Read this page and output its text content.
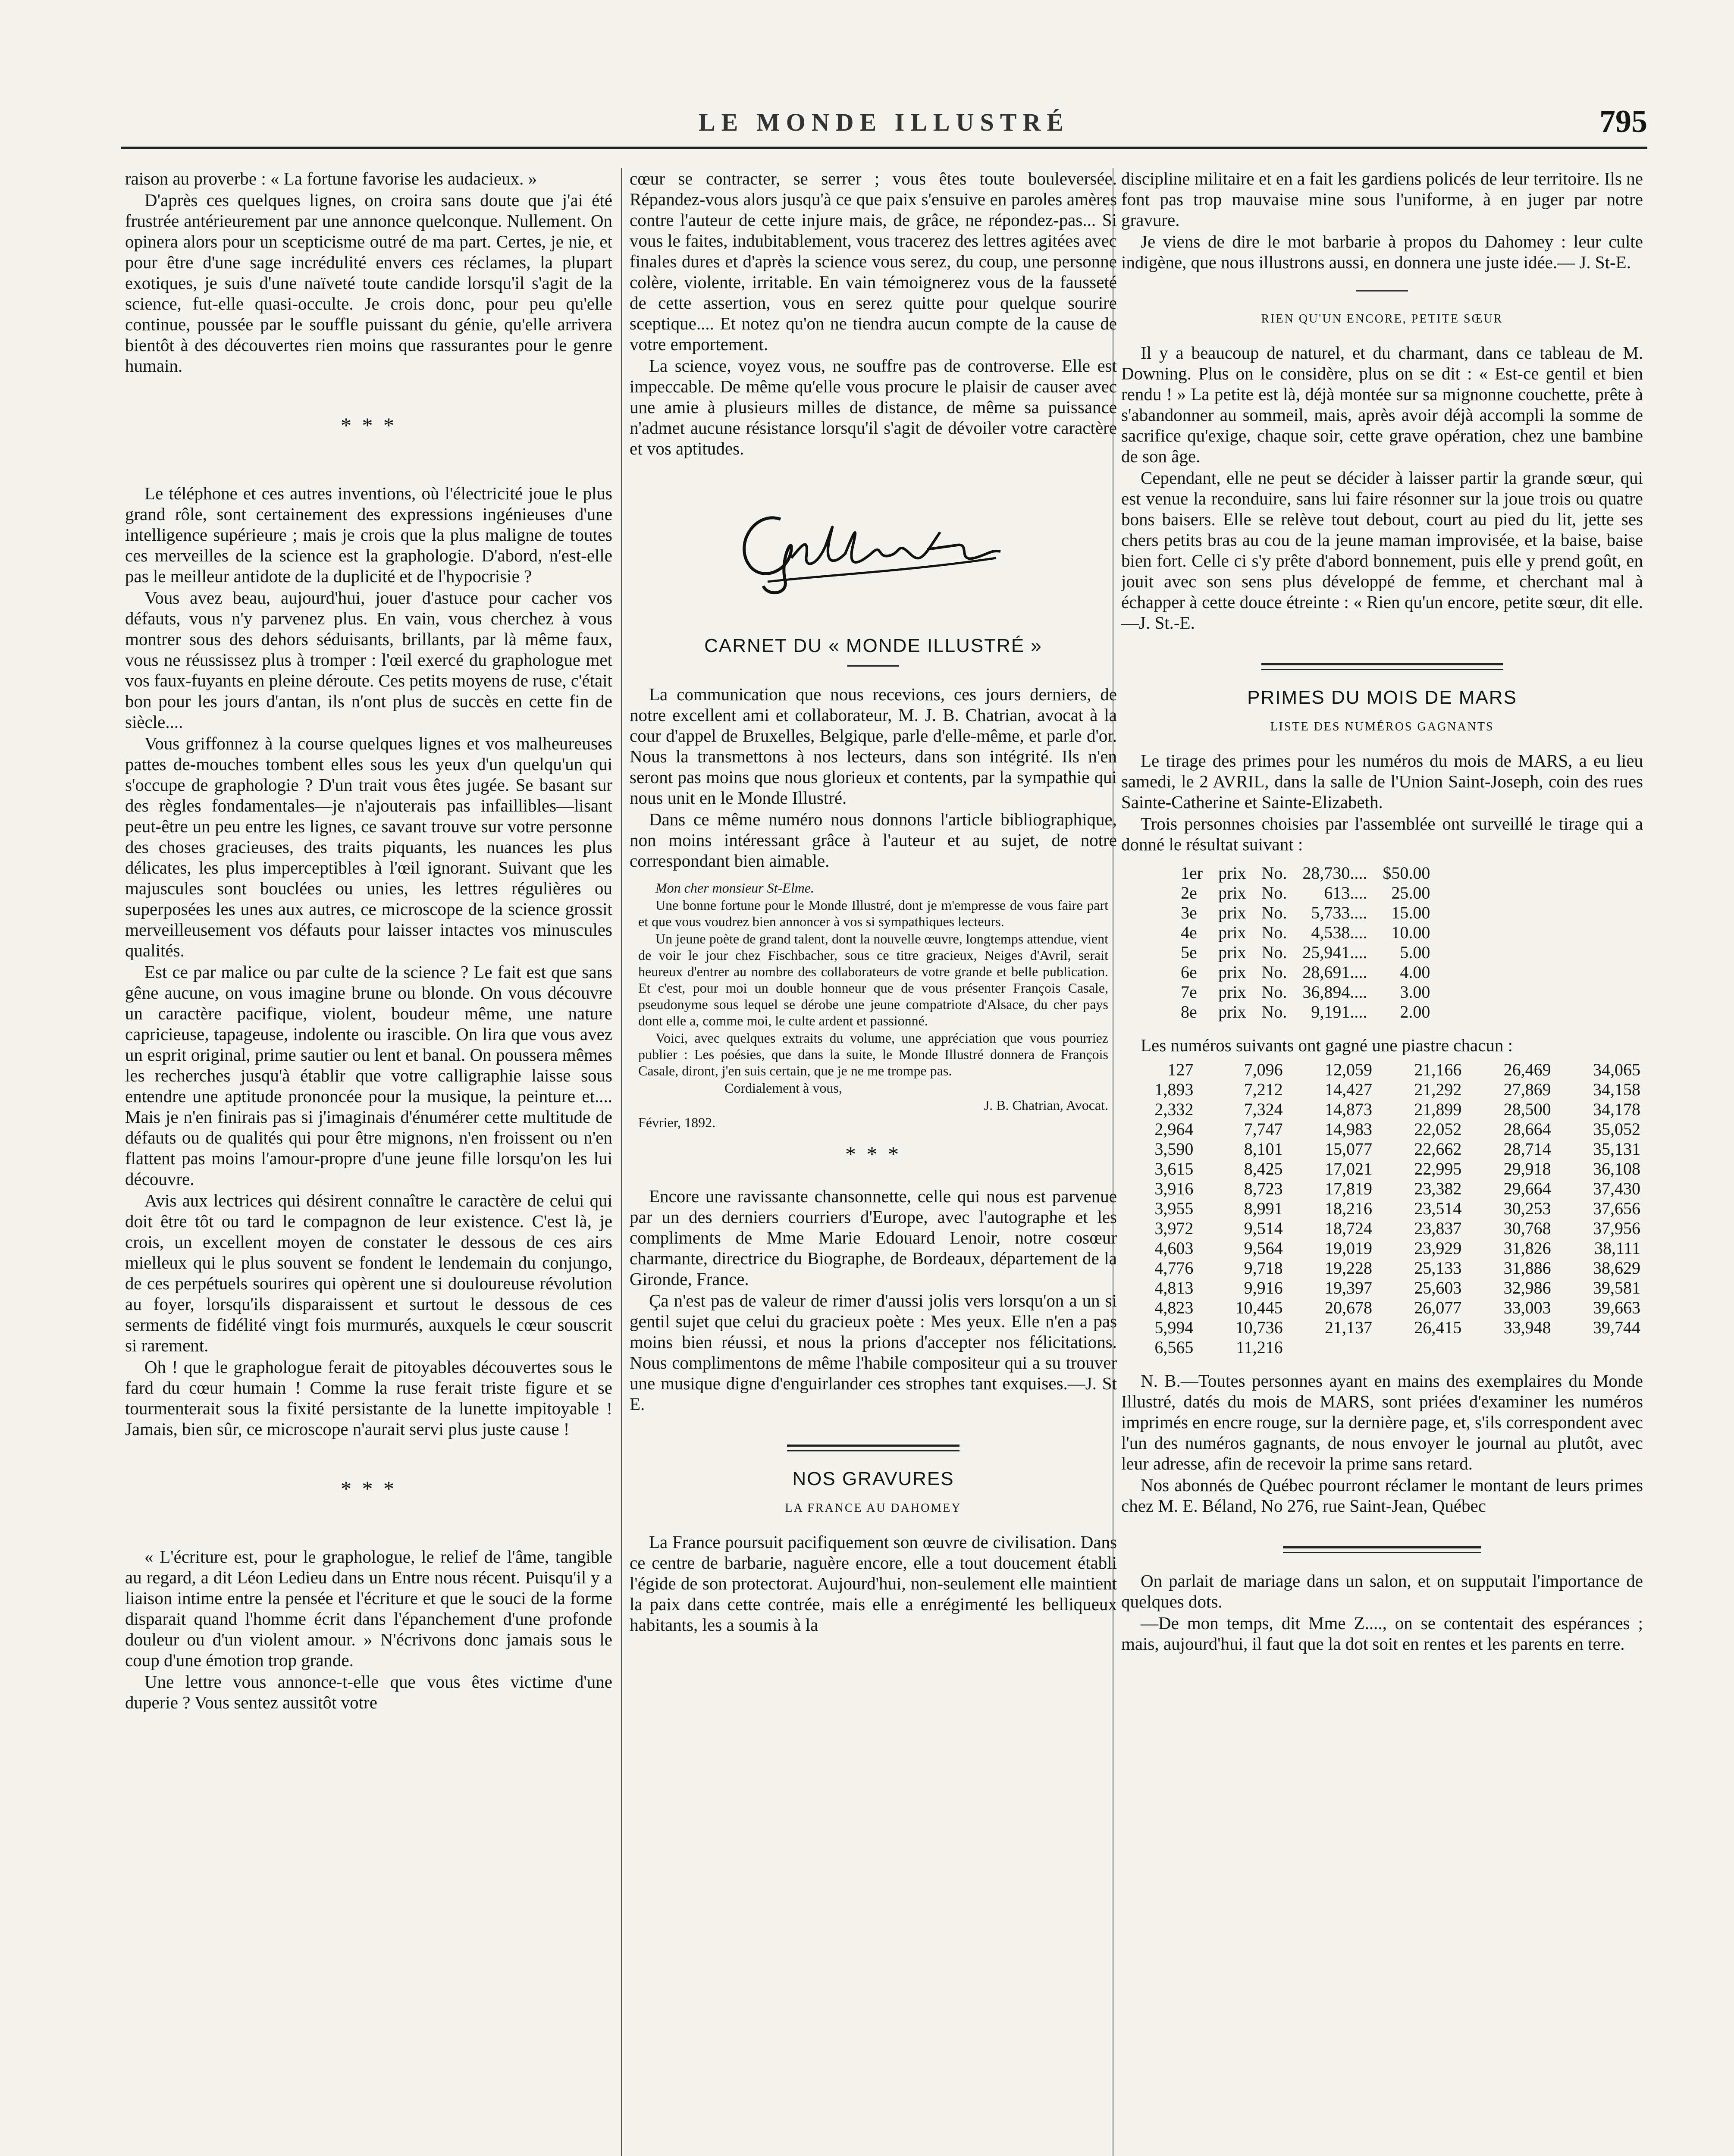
LE MONDE ILLUSTRÉ	795

raison au proverbe : « La fortune favorise les audacieux. »

D'après ces quelques lignes, on croira sans doute que j'ai été frustrée antérieurement par une annonce quelconque. Nullement. On opinera alors pour un scepticisme outré de ma part. Certes, je nie, et pour être d'une sage incrédulité envers ces réclames, la plupart exotiques, je suis d'une naïveté toute candide lorsqu'il s'agit de la science, fut-elle quasi-occulte. Je crois donc, pour peu qu'elle continue, poussée par le souffle puissant du génie, qu'elle arrivera bientôt à des découvertes rien moins que rassurantes pour le genre humain.

* * *

Le téléphone et ces autres inventions, où l'électricité joue le plus grand rôle, sont certainement des expressions ingénieuses d'une intelligence supérieure ; mais je crois que la plus maligne de toutes ces merveilles de la science est la graphologie. D'abord, n'est-elle pas le meilleur antidote de la duplicité et de l'hypocrisie ?

Vous avez beau, aujourd'hui, jouer d'astuce pour cacher vos défauts, vous n'y parvenez plus. En vain, vous cherchez à vous montrer sous des dehors séduisants, brillants, par là même faux, vous ne réussissez plus à tromper : l'œil exercé du graphologue met vos faux-fuyants en pleine déroute. Ces petits moyens de ruse, c'était bon pour les jours d'antan, ils n'ont plus de succès en cette fin de siècle....

Vous griffonnez à la course quelques lignes et vos malheureuses pattes de-mouches tombent elles sous les yeux d'un quelqu'un qui s'occupe de graphologie ? D'un trait vous êtes jugée. Se basant sur des règles fondamentales—je n'ajouterais pas infaillibles—lisant peut-être un peu entre les lignes, ce savant trouve sur votre personne des choses gracieuses, des traits piquants, les nuances les plus délicates, les plus imperceptibles à l'œil ignorant. Suivant que les majuscules sont bouclées ou unies, les lettres régulières ou superposées les unes aux autres, ce microscope de la science grossit merveilleusement vos défauts pour laisser intactes vos minuscules qualités.

Est ce par malice ou par culte de la science ? Le fait est que sans gêne aucune, on vous imagine brune ou blonde. On vous découvre un caractère pacifique, violent, boudeur même, une nature capricieuse, tapageuse, indolente ou irascible. On lira que vous avez un esprit original, prime sautier ou lent et banal. On poussera mêmes les recherches jusqu'à établir que votre calligraphie laisse sous entendre une aptitude prononcée pour la musique, la peinture et.... Mais je n'en finirais pas si j'imaginais d'énumérer cette multitude de défauts ou de qualités qui pour être mignons, n'en froissent ou n'en flattent pas moins l'amour-propre d'une jeune fille lorsqu'on les lui découvre.

Avis aux lectrices qui désirent connaître le caractère de celui qui doit être tôt ou tard le compagnon de leur existence. C'est là, je crois, un excellent moyen de constater le dessous de ces airs mielleux qui le plus souvent se fondent le lendemain du conjungo, de ces perpétuels sourires qui opèrent une si douloureuse révolution au foyer, lorsqu'ils disparaissent et surtout le dessous de ces serments de fidélité vingt fois murmurés, auxquels le cœur souscrit si rarement.

Oh ! que le graphologue ferait de pitoyables découvertes sous le fard du cœur humain ! Comme la ruse ferait triste figure et se tourmenterait sous la fixité persistante de la lunette impitoyable ! Jamais, bien sûr, ce microscope n'aurait servi plus juste cause !

* * *

« L'écriture est, pour le graphologue, le relief de l'âme, tangible au regard, a dit Léon Ledieu dans un Entre nous récent. Puisqu'il y a liaison intime entre la pensée et l'écriture et que le souci de la forme disparait quand l'homme écrit dans l'épanchement d'une profonde douleur ou d'un violent amour. » N'écrivons donc jamais sous le coup d'une émotion trop grande.

Une lettre vous annonce-t-elle que vous êtes victime d'une duperie ? Vous sentez aussitôt votre

cœur se contracter, se serrer ; vous êtes toute bouleversée. Répandez-vous alors jusqu'à ce que paix s'ensuive en paroles amères contre l'auteur de cette injure mais, de grâce, ne répondez-pas... Si vous le faites, indubitablement, vous tracerez des lettres agitées avec finales dures et d'après la science vous serez, du coup, une personne colère, violente, irritable. En vain témoignerez vous de la fausseté de cette assertion, vous en serez quitte pour quelque sourire sceptique.... Et notez qu'on ne tiendra aucun compte de la cause de votre emportement.

La science, voyez vous, ne souffre pas de controverse. Elle est impeccable. De même qu'elle vous procure le plaisir de causer avec une amie à plusieurs milles de distance, de même sa puissance n'admet aucune résistance lorsqu'il s'agit de dévoiler votre caractère et vos aptitudes.

CARNET DU « MONDE ILLUSTRÉ »

La communication que nous recevions, ces jours derniers, de notre excellent ami et collaborateur, M. J. B. Chatrian, avocat à la cour d'appel de Bruxelles, Belgique, parle d'elle-même, et parle d'or. Nous la transmettons à nos lecteurs, dans son intégrité. Ils n'en seront pas moins que nous glorieux et contents, par la sympathie qui nous unit en le Monde Illustré.

Dans ce même numéro nous donnons l'article bibliographique, non moins intéressant grâce à l'auteur et au sujet, de notre correspondant bien aimable.

Mon cher monsieur St-Elme.

Une bonne fortune pour le Monde Illustré, dont je m'empresse de vous faire part et que vous voudrez bien annoncer à vos si sympathiques lecteurs.

Un jeune poète de grand talent, dont la nouvelle œuvre, longtemps attendue, vient de voir le jour chez Fischbacher, sous ce titre gracieux, Neiges d'Avril, serait heureux d'entrer au nombre des collaborateurs de votre grande et belle publication. Et c'est, pour moi un double honneur que de vous présenter François Casale, pseudonyme sous lequel se dérobe une jeune compatriote d'Alsace, du cher pays dont elle a, comme moi, le culte ardent et passionné.

Voici, avec quelques extraits du volume, une appréciation que vous pourriez publier : Les poésies, que dans la suite, le Monde Illustré donnera de François Casale, diront, j'en suis certain, que je ne me trompe pas.

Cordialement à vous,

J. B. Chatrian, Avocat.

Février, 1892.

* * *

Encore une ravissante chansonnette, celle qui nous est parvenue par un des derniers courriers d'Europe, avec l'autographe et les compliments de Mme Marie Edouard Lenoir, notre cosœur charmante, directrice du Biographe, de Bordeaux, département de la Gironde, France.

Ça n'est pas de valeur de rimer d'aussi jolis vers lorsqu'on a un si gentil sujet que celui du gracieux poète : Mes yeux. Elle n'en a pas moins bien réussi, et nous la prions d'accepter nos félicitations. Nous complimentons de même l'habile compositeur qui a su trouver une musique digne d'enguirlander ces strophes tant exquises.—J. St E.

NOS GRAVURES
LA FRANCE AU DAHOMEY

La France poursuit pacifiquement son œuvre de civilisation. Dans ce centre de barbarie, naguère encore, elle a tout doucement établi l'égide de son protectorat. Aujourd'hui, non-seulement elle maintient la paix dans cette contrée, mais elle a enrégimenté les belliqueux habitants, les a soumis à la

discipline militaire et en a fait les gardiens policés de leur territoire. Ils ne font pas trop mauvaise mine sous l'uniforme, à en juger par notre gravure.

Je viens de dire le mot barbarie à propos du Dahomey : leur culte indigène, que nous illustrons aussi, en donnera une juste idée.— J. St-E.

RIEN QU'UN ENCORE, PETITE SŒUR

Il y a beaucoup de naturel, et du charmant, dans ce tableau de M. Downing. Plus on le considère, plus on se dit : « Est-ce gentil et bien rendu ! » La petite est là, déjà montée sur sa mignonne couchette, prête à s'abandonner au sommeil, mais, après avoir déjà accompli la somme de sacrifice qu'exige, chaque soir, cette grave opération, chez une bambine de son âge.

Cependant, elle ne peut se décider à laisser partir la grande sœur, qui est venue la reconduire, sans lui faire résonner sur la joue trois ou quatre bons baisers. Elle se relève tout debout, court au pied du lit, jette ses chers petits bras au cou de la jeune maman improvisée, et la baise, baise bien fort. Celle ci s'y prête d'abord bonnement, puis elle y prend goût, en jouit avec son sens plus développé de femme, et cherchant mal à échapper à cette douce étreinte : « Rien qu'un encore, petite sœur, dit elle.—J. St.-E.

PRIMES DU MOIS DE MARS
LISTE DES NUMÉROS GAGNANTS

Le tirage des primes pour les numéros du mois de MARS, a eu lieu samedi, le 2 AVRIL, dans la salle de l'Union Saint-Joseph, coin des rues Sainte-Catherine et Sainte-Elizabeth.

Trois personnes choisies par l'assemblée ont surveillé le tirage qui a donné le résultat suivant :

1er	prix	No.	28,730....	$50.00
2e	prix	No.	613....	25.00
3e	prix	No.	5,733....	15.00
4e	prix	No.	4,538....	10.00
5e	prix	No.	25,941....	5.00
6e	prix	No.	28,691....	4.00
7e	prix	No.	36,894....	3.00
8e	prix	No.	9,191....	2.00

Les numéros suivants ont gagné une piastre chacun :

127	7,096	12,059	21,166	26,469	34,065
1,893	7,212	14,427	21,292	27,869	34,158
2,332	7,324	14,873	21,899	28,500	34,178
2,964	7,747	14,983	22,052	28,664	35,052
3,590	8,101	15,077	22,662	28,714	35,131
3,615	8,425	17,021	22,995	29,918	36,108
3,916	8,723	17,819	23,382	29,664	37,430
3,955	8,991	18,216	23,514	30,253	37,656
3,972	9,514	18,724	23,837	30,768	37,956
4,603	9,564	19,019	23,929	31,826	38,111
4,776	9,718	19,228	25,133	31,886	38,629
4,813	9,916	19,397	25,603	32,986	39,581
4,823	10,445	20,678	26,077	33,003	39,663
5,994	10,736	21,137	26,415	33,948	39,744
6,565	11,216				

N. B.—Toutes personnes ayant en mains des exemplaires du Monde Illustré, datés du mois de MARS, sont priées d'examiner les numéros imprimés en encre rouge, sur la dernière page, et, s'ils correspondent avec l'un des numéros gagnants, de nous envoyer le journal au plutôt, avec leur adresse, afin de recevoir la prime sans retard.

Nos abonnés de Québec pourront réclamer le montant de leurs primes chez M. E. Béland, No 276, rue Saint-Jean, Québec

On parlait de mariage dans un salon, et on supputait l'importance de quelques dots.

—De mon temps, dit Mme Z...., on se contentait des espérances ; mais, aujourd'hui, il faut que la dot soit en rentes et les parents en terre.
